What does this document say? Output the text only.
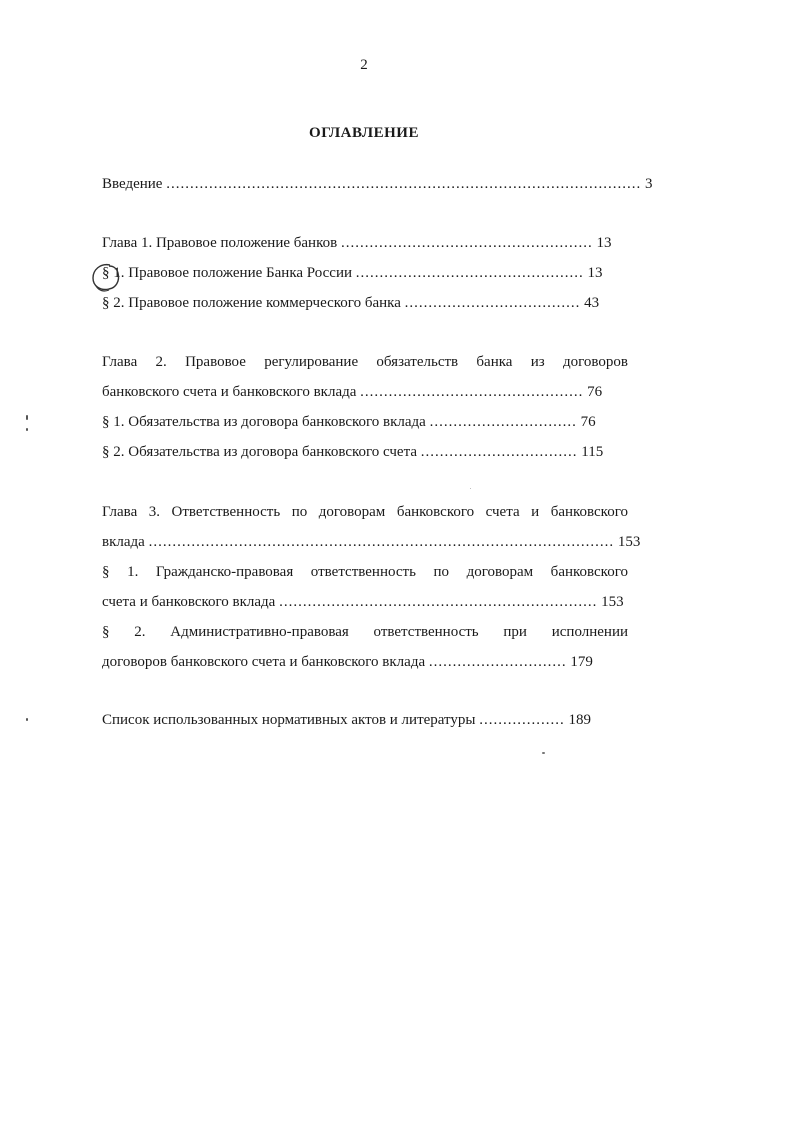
2
ОГЛАВЛЕНИЕ
Введение .................................................................................................... 3
Глава 1. Правовое положение банков ..................................................... 13
§ 1. Правовое положение Банка России ................................................ 13
§ 2. Правовое положение коммерческого банка ..................................... 43
Глава 2. Правовое регулирование обязательств банка из договоров
банковского счета и банковского вклада ............................................... 76
§ 1. Обязательства из договора банковского вклада ............................... 76
§ 2. Обязательства из договора банковского счета ................................. 115
Глава 3. Ответственность по договорам банковского счета и банковского
вклада .................................................................................................. 153
§ 1. Гражданско-правовая ответственность по договорам банковского
счета и банковского вклада ................................................................... 153
§ 2. Административно-правовая ответственность при исполнении
договоров банковского счета и банковского вклада ............................. 179
Список использованных нормативных актов и литературы .................. 189
